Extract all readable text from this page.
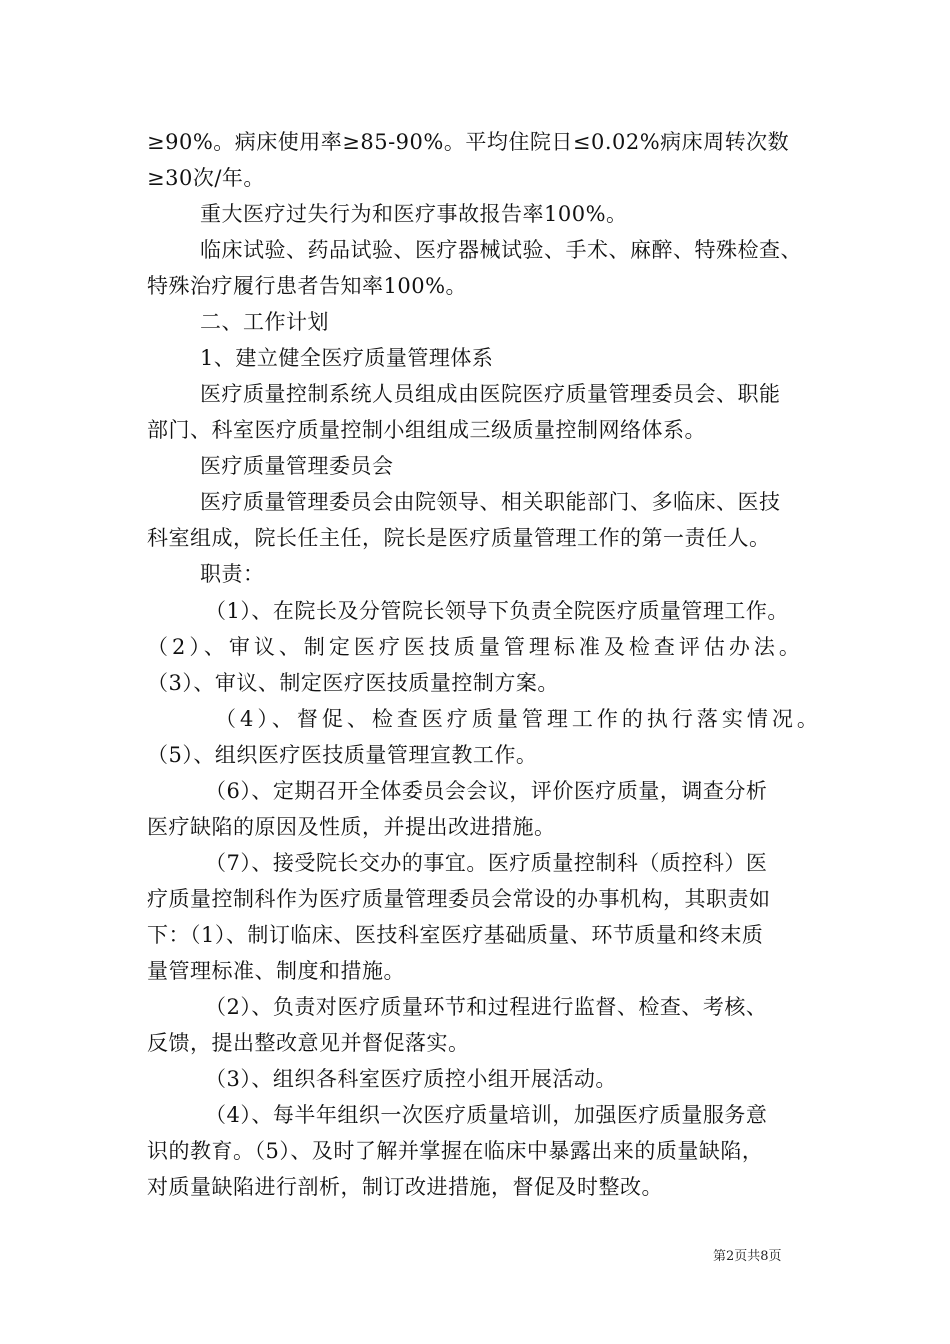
≥90%。病床使用率≥85-90%。平均住院日≤0.02%病床周转次数
≥30次/年。
重大医疗过失行为和医疗事故报告率100%。
临床试验、药品试验、医疗器械试验、手术、麻醉、特殊检查、
特殊治疗履行患者告知率100%。
二、工作计划
1、建立健全医疗质量管理体系
医疗质量控制系统人员组成由医院医疗质量管理委员会、职能
部门、科室医疗质量控制小组组成三级质量控制网络体系。
医疗质量管理委员会
医疗质量管理委员会由院领导、相关职能部门、多临床、医技
科室组成，院长任主任，院长是医疗质量管理工作的第一责任人。
职责：
（1）、在院长及分管院长领导下负责全院医疗质量管理工作。
（2）、审议、制定医疗医技质量管理标准及检查评估办法。
（3）、审议、制定医疗医技质量控制方案。
（4）、督促、检查医疗质量管理工作的执行落实情况。
（5）、组织医疗医技质量管理宣教工作。
（6）、定期召开全体委员会会议，评价医疗质量，调查分析
医疗缺陷的原因及性质，并提出改进措施。
（7）、接受院长交办的事宜。医疗质量控制科（质控科）医
疗质量控制科作为医疗质量管理委员会常设的办事机构，其职责如
下：（1）、制订临床、医技科室医疗基础质量、环节质量和终末质
量管理标准、制度和措施。
（2）、负责对医疗质量环节和过程进行监督、检查、考核、
反馈，提出整改意见并督促落实。
（3）、组织各科室医疗质控小组开展活动。
（4）、每半年组织一次医疗质量培训，加强医疗质量服务意
识的教育。（5）、及时了解并掌握在临床中暴露出来的质量缺陷，
对质量缺陷进行剖析，制订改进措施，督促及时整改。
第2页共8页
